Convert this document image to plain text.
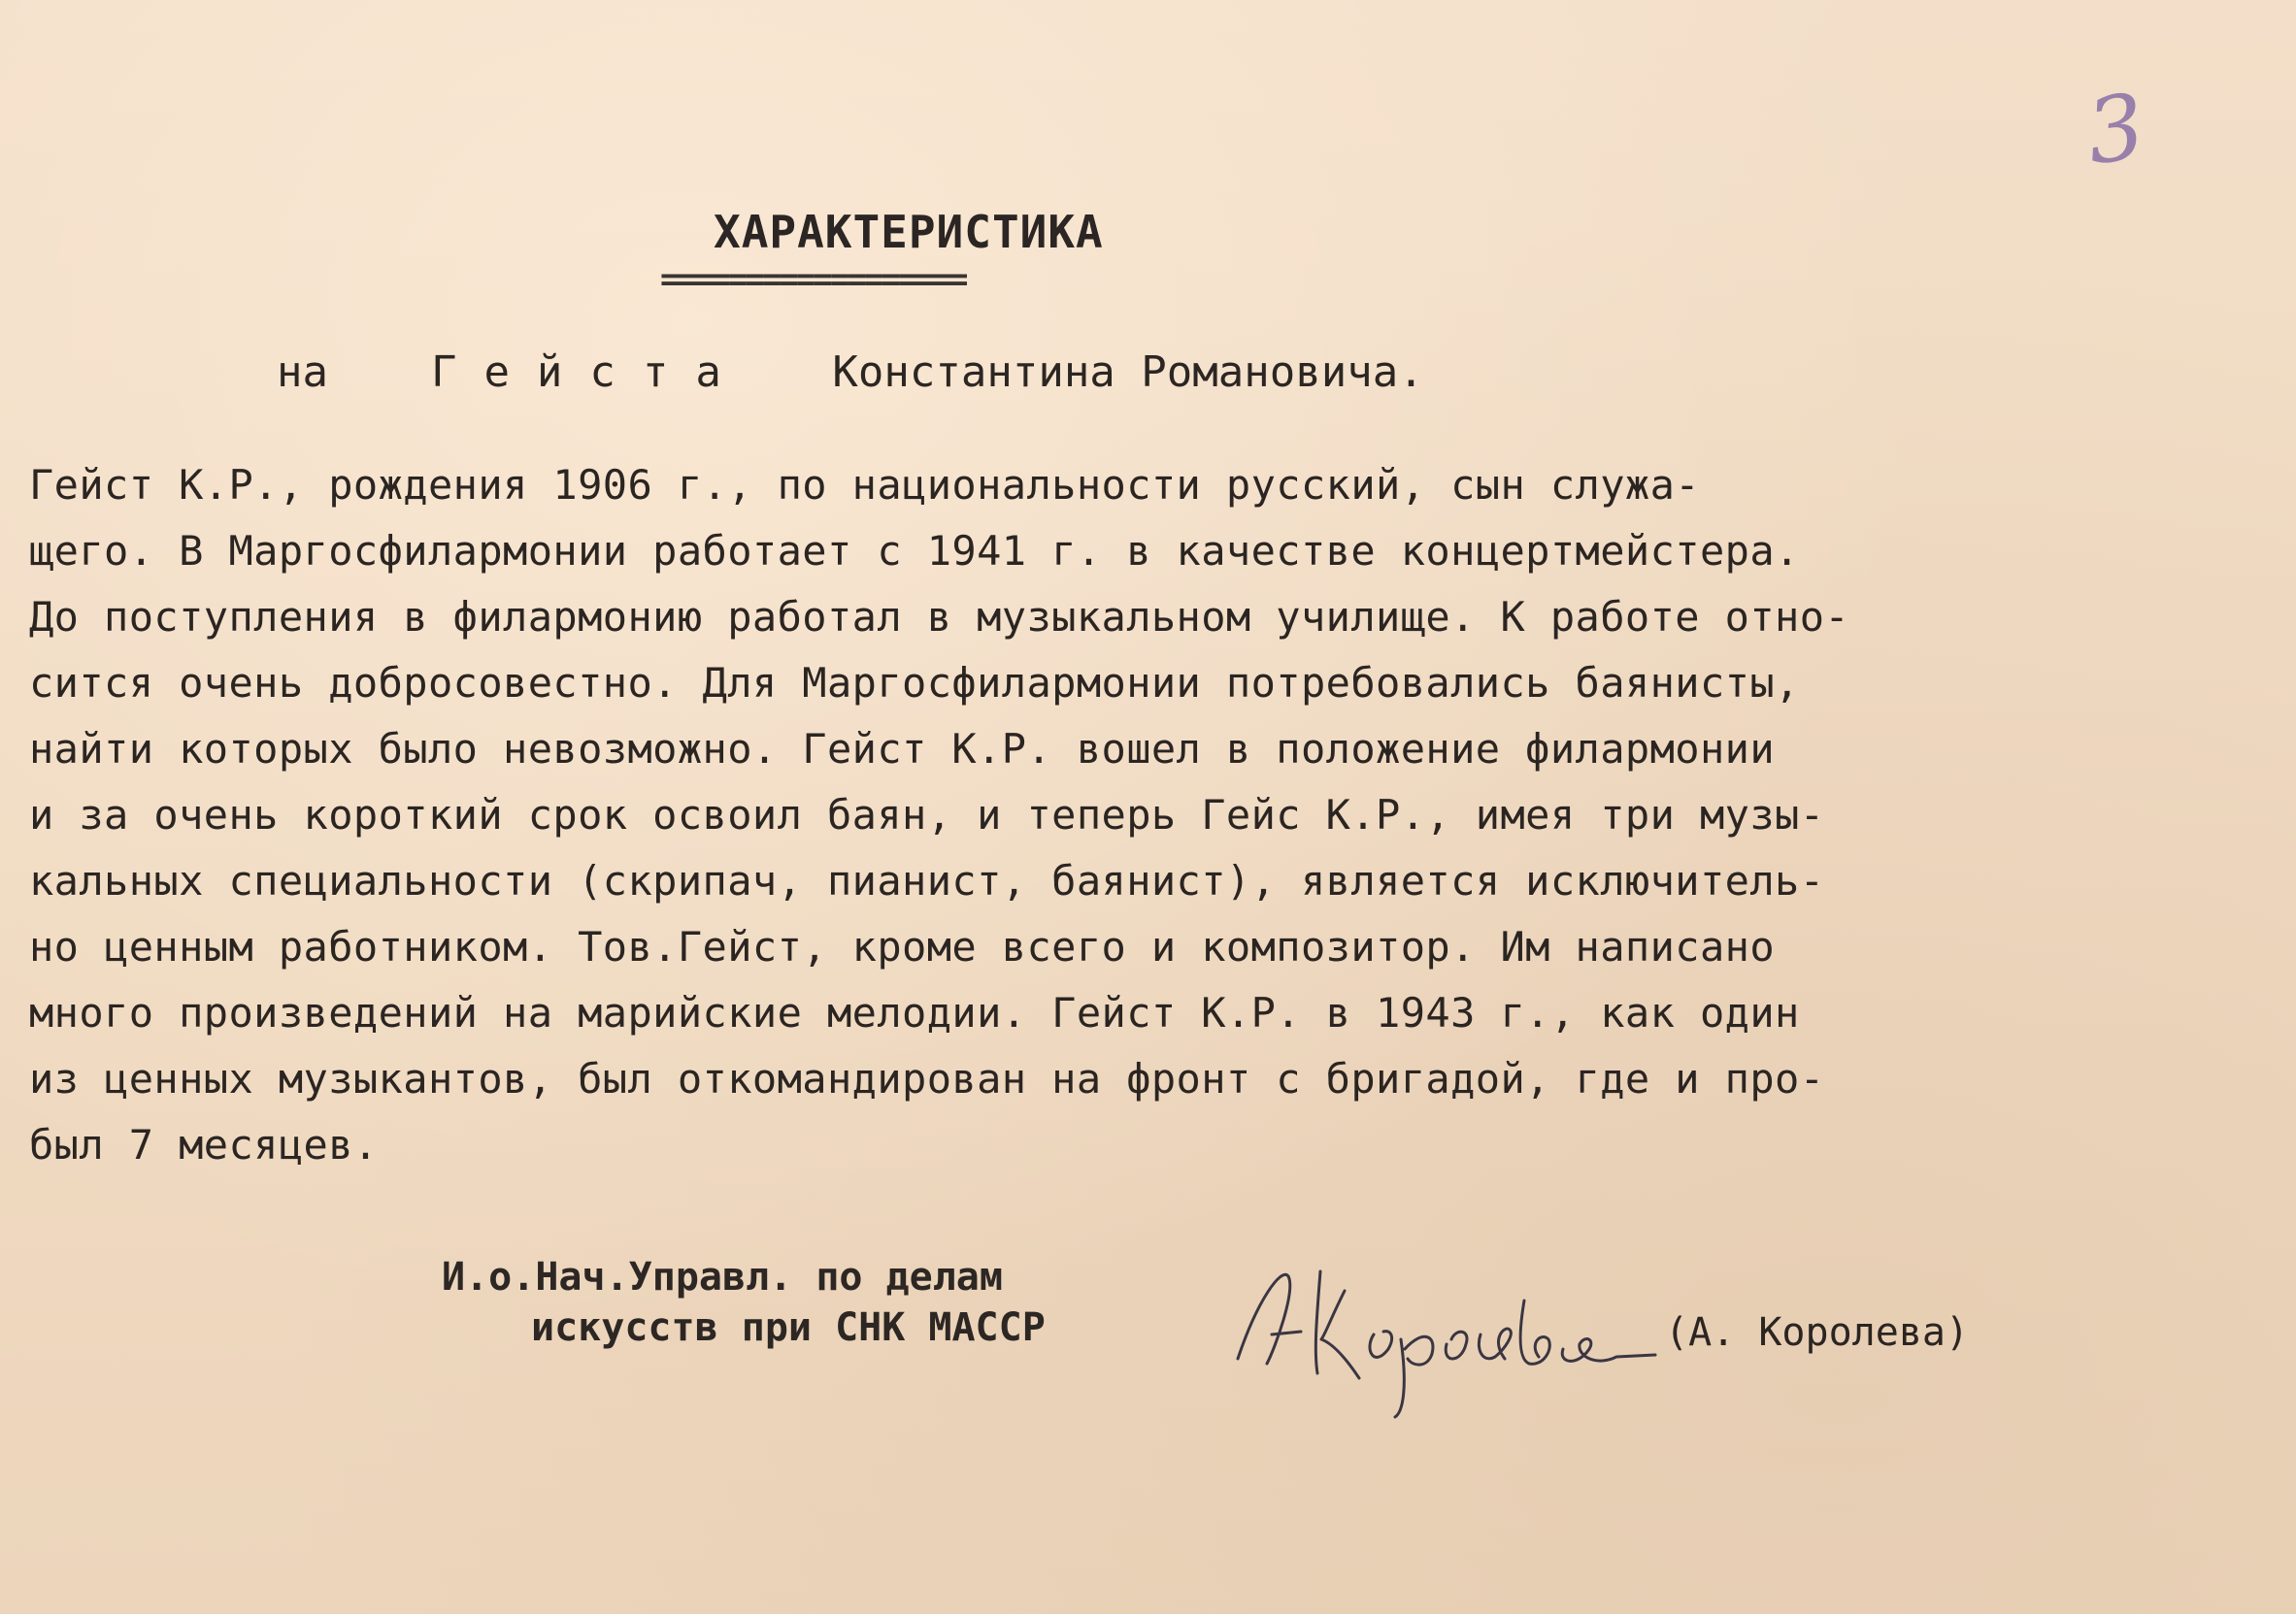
3
ХАРАКТЕРИСТИКА
==================
на Гейста Константина Романовича.
Гейст К.Р., рождения 1906 г., по национальности русский, сын служа-
щего. В Маргосфилармонии работает с 1941 г. в качестве концертмейстера.
До поступления в филармонию работал в музыкальном училище. К работе отно-
сится очень добросовестно. Для Маргосфилармонии потребовались баянисты,
найти которых было невозможно. Гейст К.Р. вошел в положение филармонии
и за очень короткий срок освоил баян, и теперь Гейс К.Р., имея три музы-
кальных специальности (скрипач, пианист, баянист), является исключитель-
но ценным работником. Тов.Гейст, кроме всего и композитор. Им написано
много произведений на марийские мелодии. Гейст К.Р. в 1943 г., как один
из ценных музыкантов, был откомандирован на фронт с бригадой, где и про-
был 7 месяцев.
И.о.Нач.Управл. по делам
искусств при СНК МАССР	(А. Королева)
